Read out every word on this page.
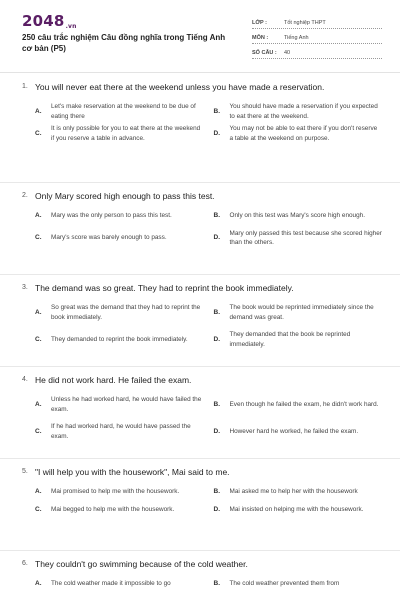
2048.vn
250 câu trắc nghiệm Câu đồng nghĩa trong Tiếng Anh cơ bản (P5)
LỚP :	Tốt nghiệp THPT
MÔN :	Tiếng Anh
SỐ CÂU :	40
1. You will never eat there at the weekend unless you have made a reservation.
A.
Let's make reservation at the weekend to be due of eating there
B.
You should have made a reservation if you expected to eat there at the weekend.
C.
It is only possible for you to eat there at the weekend if you reserve a table in advance.
D.
You may not be able to eat there if you don't reserve a table at the weekend on purpose.
2. Only Mary scored high enough to pass this test.
A.	Mary was the only person to pass this test.	B.	Only on this test was Mary's score high enough.
C.	Mary's score was barely enough to pass.	D.
Mary only passed this test because she scored higher than the others.
3. The demand was so great. They had to reprint the book immediately.
A.
So great was the demand that they had to reprint the book immediately.
B.
The book would be reprinted immediately since the demand was great.
C.	They demanded to reprint the book immediately.	D.
They demanded that the book be reprinted immediately.
4. He did not work hard. He failed the exam.
A.
Unless he had worked hard, he would have failed the exam.
B.	Even though he failed the exam, he didn't work hard.
C.
If he had worked hard, he would have passed the exam.
D.	However hard he worked, he failed the exam.
5. "I will help you with the housework", Mai said to me.
A.	Mai promised to help me with the housework.	B.	Mai asked me to help her with the housework
C.	Mai begged to help me with the housework.	D.	Mai insisted on helping me with the housework.
6. They couldn't go swimming because of the cold weather.
A.	The cold weather made it impossible to go	B.	The cold weather prevented them from
